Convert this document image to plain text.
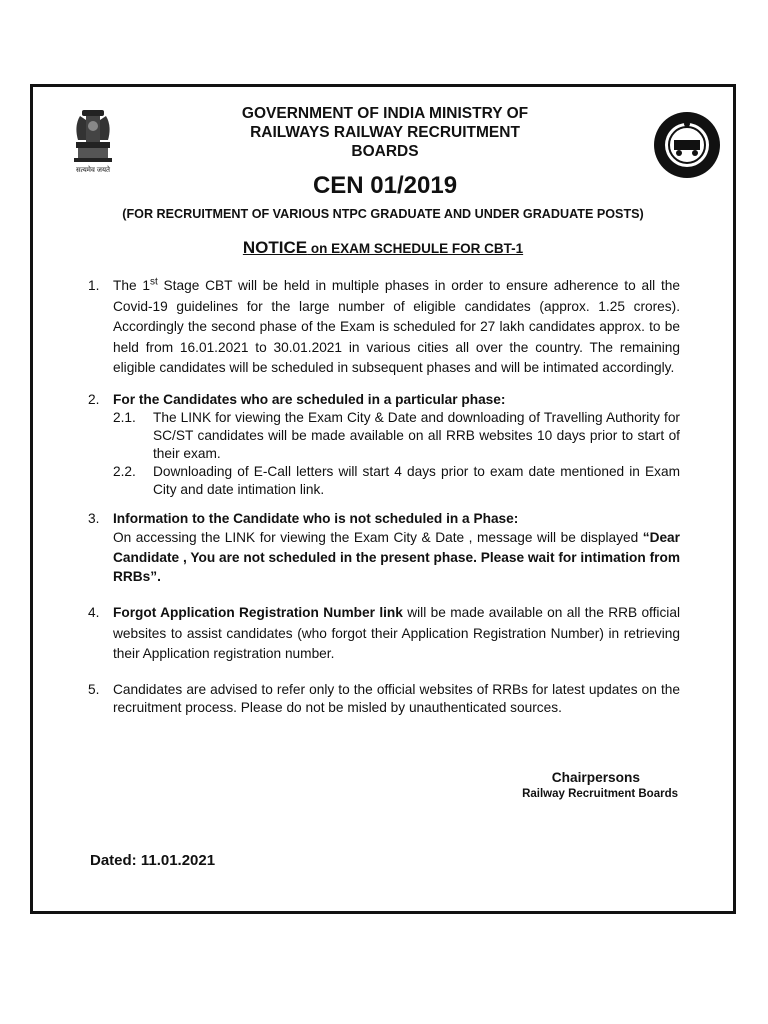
सत्यमेव जयते
GOVERNMENT OF INDIA MINISTRY OF
RAILWAYS RAILWAY RECRUITMENT
BOARDS
CEN 01/2019
(FOR RECRUITMENT OF VARIOUS NTPC GRADUATE AND UNDER GRADUATE POSTS)
NOTICE on EXAM SCHEDULE FOR CBT-1
1. The 1st Stage CBT will be held in multiple phases in order to ensure adherence to all the Covid-19 guidelines for the large number of eligible candidates (approx. 1.25 crores). Accordingly the second phase of the Exam is scheduled for 27 lakh candidates approx. to be held from 16.01.2021 to 30.01.2021 in various cities all over the country. The remaining eligible candidates will be scheduled in subsequent phases and will be intimated accordingly.
2. For the Candidates who are scheduled in a particular phase:
2.1. The LINK for viewing the Exam City & Date and downloading of Travelling Authority for SC/ST candidates will be made available on all RRB websites 10 days prior to start of their exam.
2.2. Downloading of E-Call letters will start 4 days prior to exam date mentioned in Exam City and date intimation link.
3. Information to the Candidate who is not scheduled in a Phase:
On accessing the LINK for viewing the Exam City & Date , message will be displayed “Dear Candidate , You are not scheduled in the present phase. Please wait for intimation from RRBs”.
4. Forgot Application Registration Number link will be made available on all the RRB official websites to assist candidates (who forgot their Application Registration Number) in retrieving their Application registration number.
5. Candidates are advised to refer only to the official websites of RRBs for latest updates on the recruitment process. Please do not be misled by unauthenticated sources.
Chairpersons
Railway Recruitment Boards
Dated: 11.01.2021
